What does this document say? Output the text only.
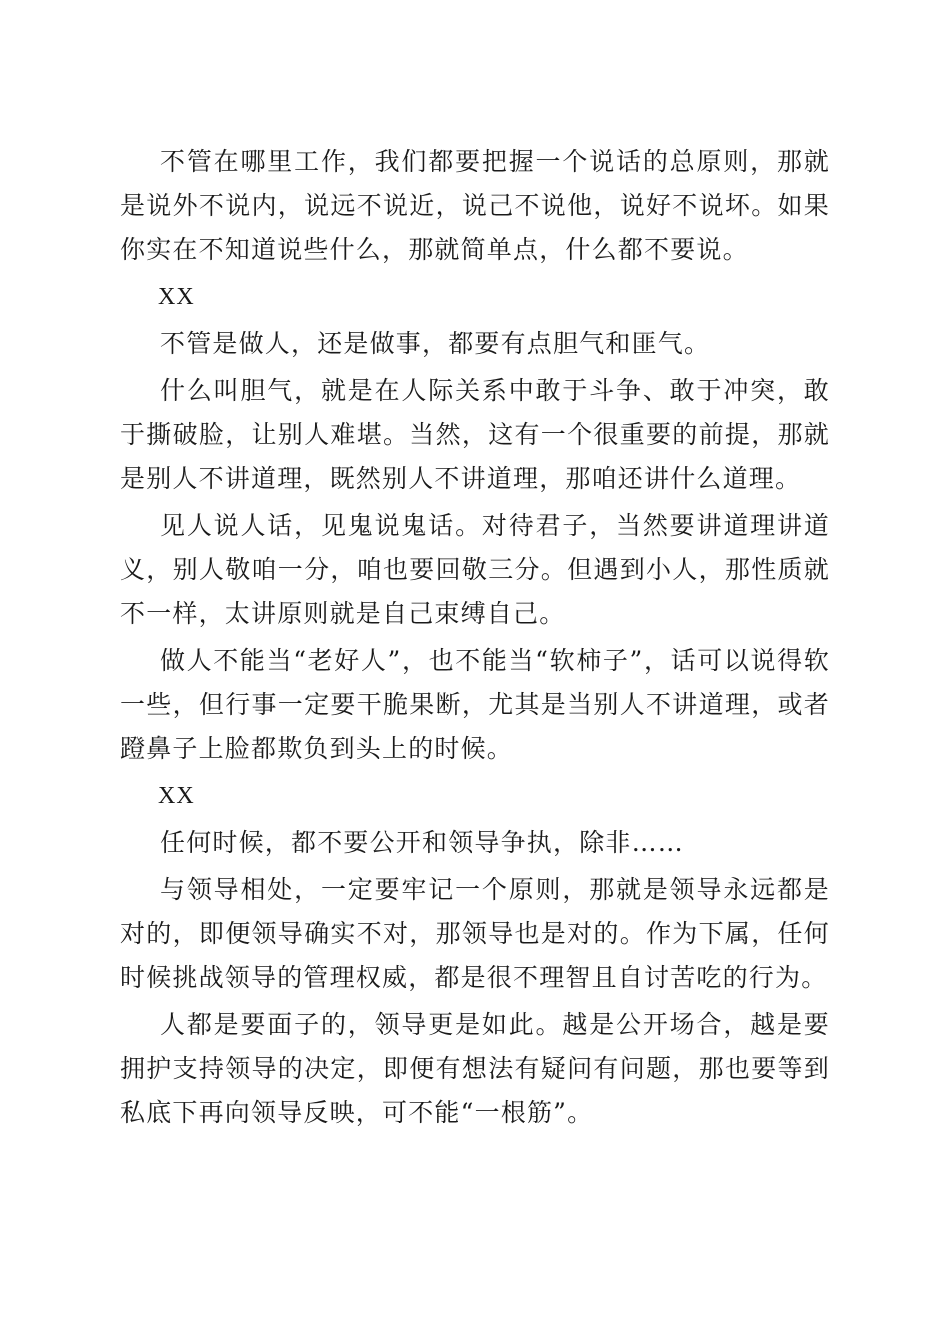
不管在哪里工作，我们都要把握一个说话的总原则，那就是说外不说内，说远不说近，说己不说他，说好不说坏。如果你实在不知道说些什么，那就简单点，什么都不要说。

XX

不管是做人，还是做事，都要有点胆气和匪气。

什么叫胆气，就是在人际关系中敢于斗争、敢于冲突，敢于撕破脸，让别人难堪。当然，这有一个很重要的前提，那就是别人不讲道理，既然别人不讲道理，那咱还讲什么道理。

见人说人话，见鬼说鬼话。对待君子，当然要讲道理讲道义，别人敬咱一分，咱也要回敬三分。但遇到小人，那性质就不一样，太讲原则就是自己束缚自己。

做人不能当“老好人”，也不能当“软柿子”，话可以说得软一些，但行事一定要干脆果断，尤其是当别人不讲道理，或者蹬鼻子上脸都欺负到头上的时候。

XX

任何时候，都不要公开和领导争执，除非……

与领导相处，一定要牢记一个原则，那就是领导永远都是对的，即便领导确实不对，那领导也是对的。作为下属，任何时候挑战领导的管理权威，都是很不理智且自讨苦吃的行为。

人都是要面子的，领导更是如此。越是公开场合，越是要拥护支持领导的决定，即便有想法有疑问有问题，那也要等到私底下再向领导反映，可不能“一根筋”。
